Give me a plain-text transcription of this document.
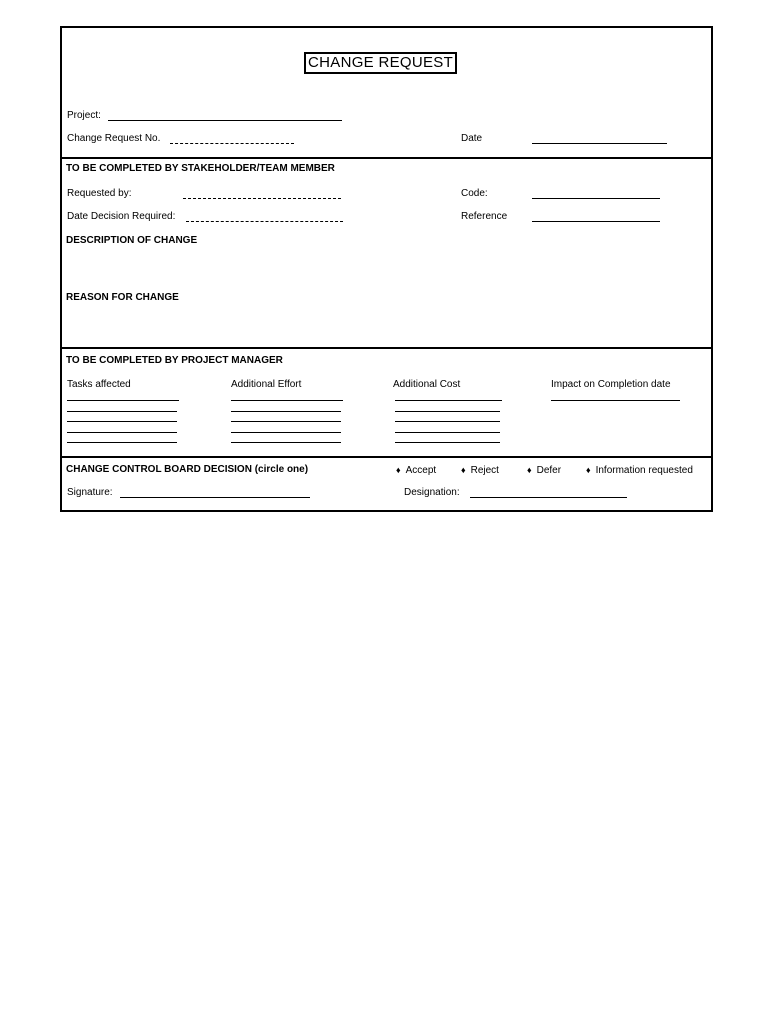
CHANGE REQUEST
Project:
Change Request No.	Date
TO BE COMPLETED BY STAKEHOLDER/TEAM MEMBER
Requested by:	Code:
Date Decision Required:	Reference
DESCRIPTION OF CHANGE
REASON FOR CHANGE
TO BE COMPLETED BY PROJECT MANAGER
Tasks affected	Additional Effort	Additional Cost	Impact on Completion date
CHANGE CONTROL BOARD DECISION (circle one)	♦ Accept	♦ Reject	♦ Defer	♦ Information requested
Signature:	Designation:
